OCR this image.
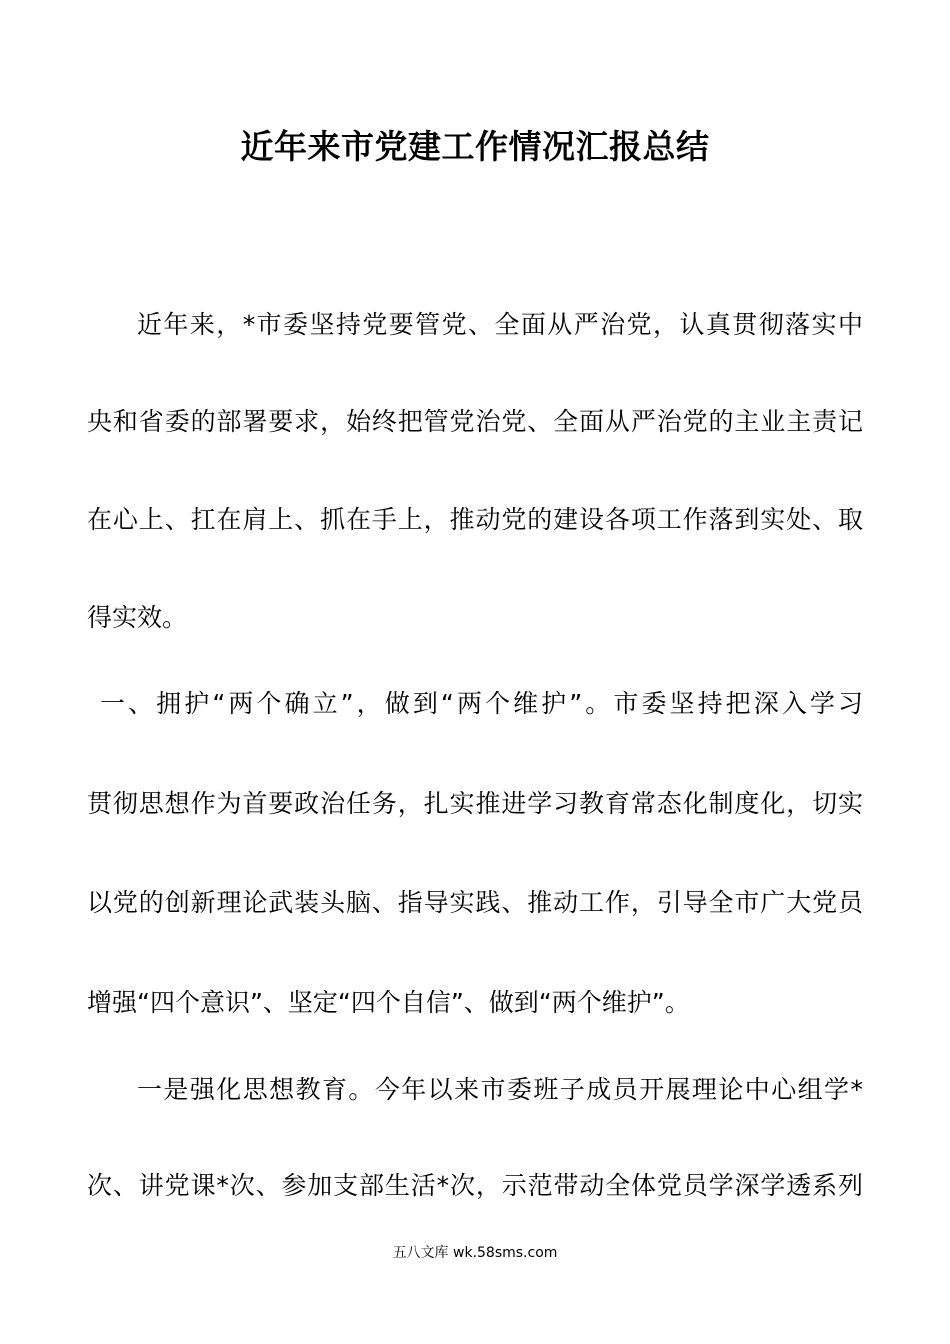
近年来市党建工作情况汇报总结
近年来，*市委坚持党要管党、全面从严治党，认真贯彻落实中
央和省委的部署要求，始终把管党治党、全面从严治党的主业主责记
在心上、扛在肩上、抓在手上，推动党的建设各项工作落到实处、取
得实效。
一、拥护“两个确立”，做到“两个维护”。市委坚持把深入学习
贯彻思想作为首要政治任务，扎实推进学习教育常态化制度化，切实
以党的创新理论武装头脑、指导实践、推动工作，引导全市广大党员
增强“四个意识”、坚定“四个自信”、做到“两个维护”。
一是强化思想教育。今年以来市委班子成员开展理论中心组学*
次、讲党课*次、参加支部生活*次，示范带动全体党员学深学透系列
五八文库 wk.58sms.com
